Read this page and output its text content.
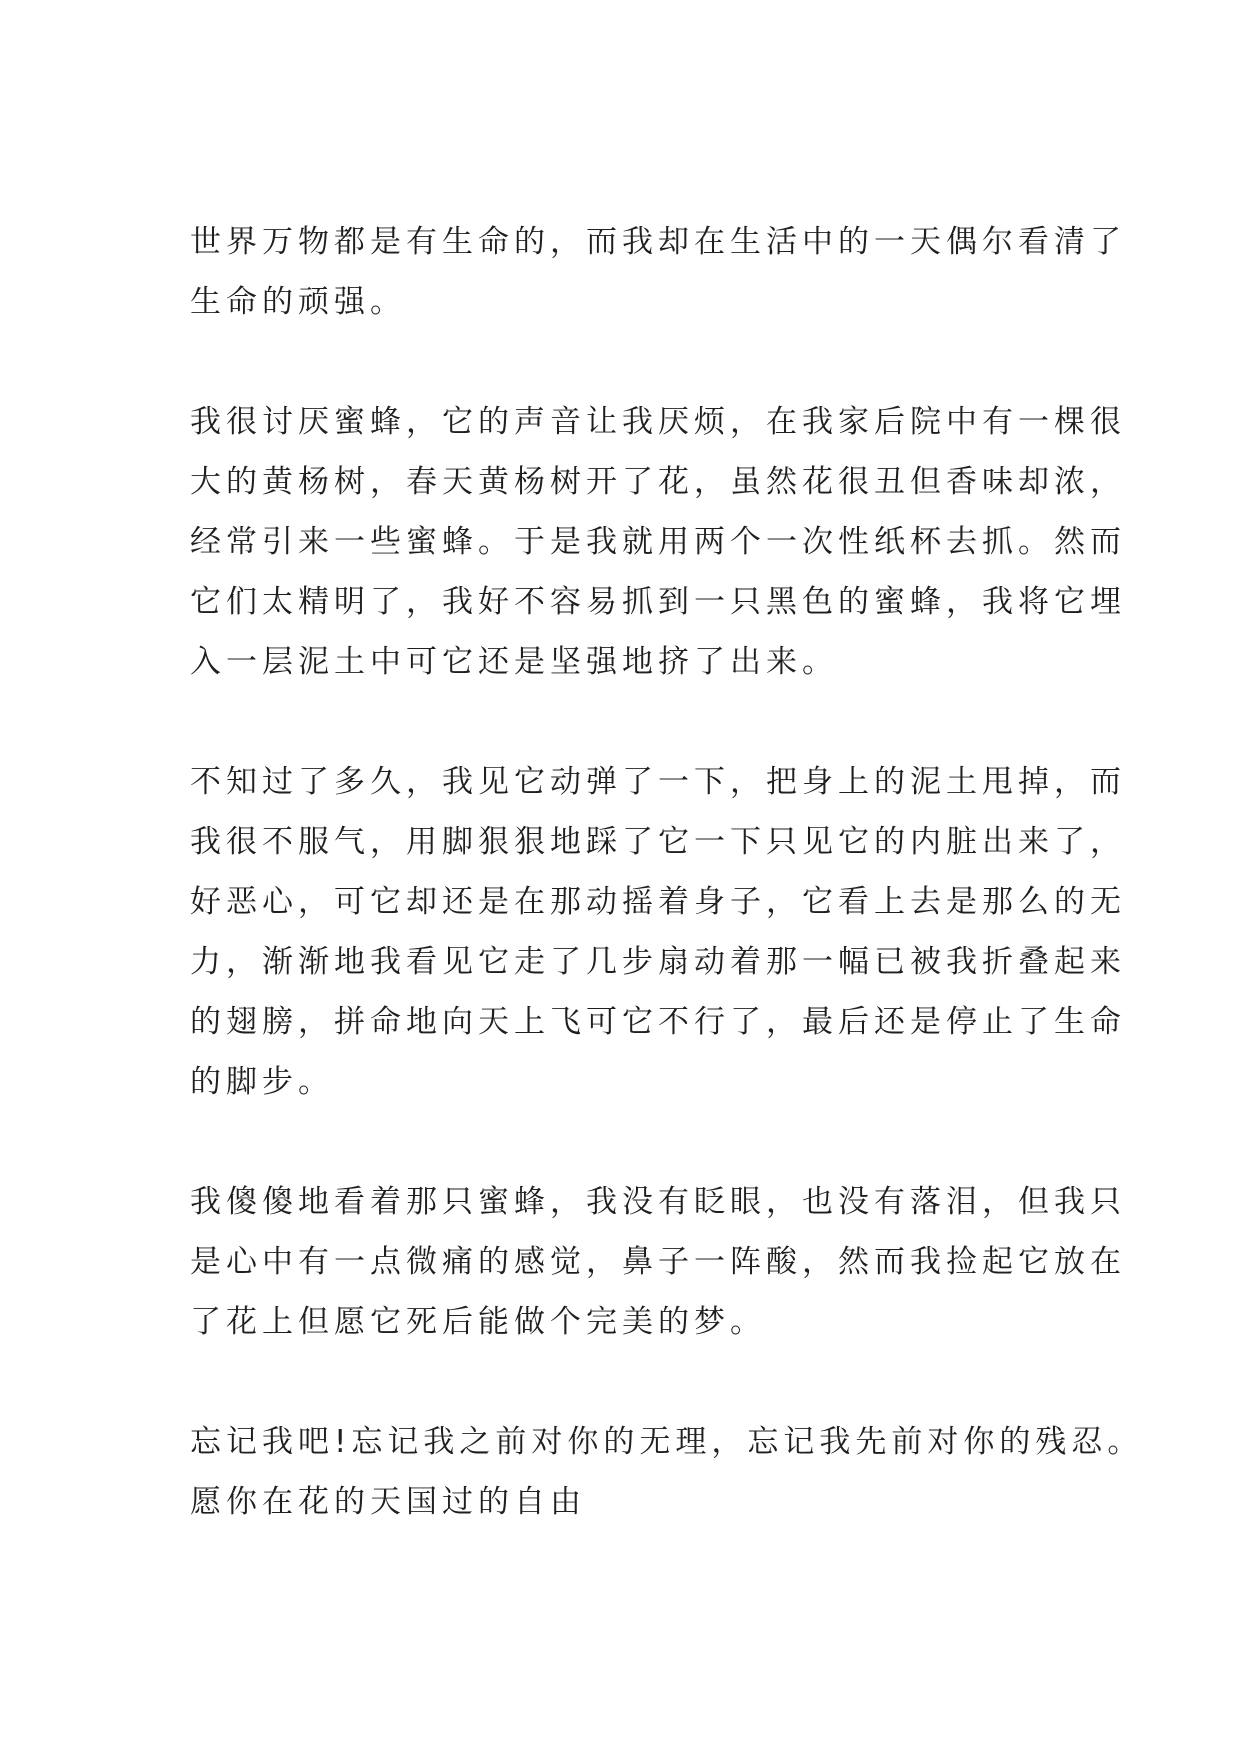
世界万物都是有生命的，而我却在生活中的一天偶尔看清了
生命的顽强。

我很讨厌蜜蜂，它的声音让我厌烦，在我家后院中有一棵很
大的黄杨树，春天黄杨树开了花，虽然花很丑但香味却浓，
经常引来一些蜜蜂。于是我就用两个一次性纸杯去抓。然而
它们太精明了，我好不容易抓到一只黑色的蜜蜂，我将它埋
入一层泥土中可它还是坚强地挤了出来。

不知过了多久，我见它动弹了一下，把身上的泥土甩掉，而
我很不服气，用脚狠狠地踩了它一下只见它的内脏出来了，
好恶心，可它却还是在那动摇着身子，它看上去是那么的无
力，渐渐地我看见它走了几步扇动着那一幅已被我折叠起来
的翅膀，拼命地向天上飞可它不行了，最后还是停止了生命
的脚步。

我傻傻地看着那只蜜蜂，我没有眨眼，也没有落泪，但我只
是心中有一点微痛的感觉，鼻子一阵酸，然而我捡起它放在
了花上但愿它死后能做个完美的梦。

忘记我吧!忘记我之前对你的无理，忘记我先前对你的残忍。
愿你在花的天国过的自由
